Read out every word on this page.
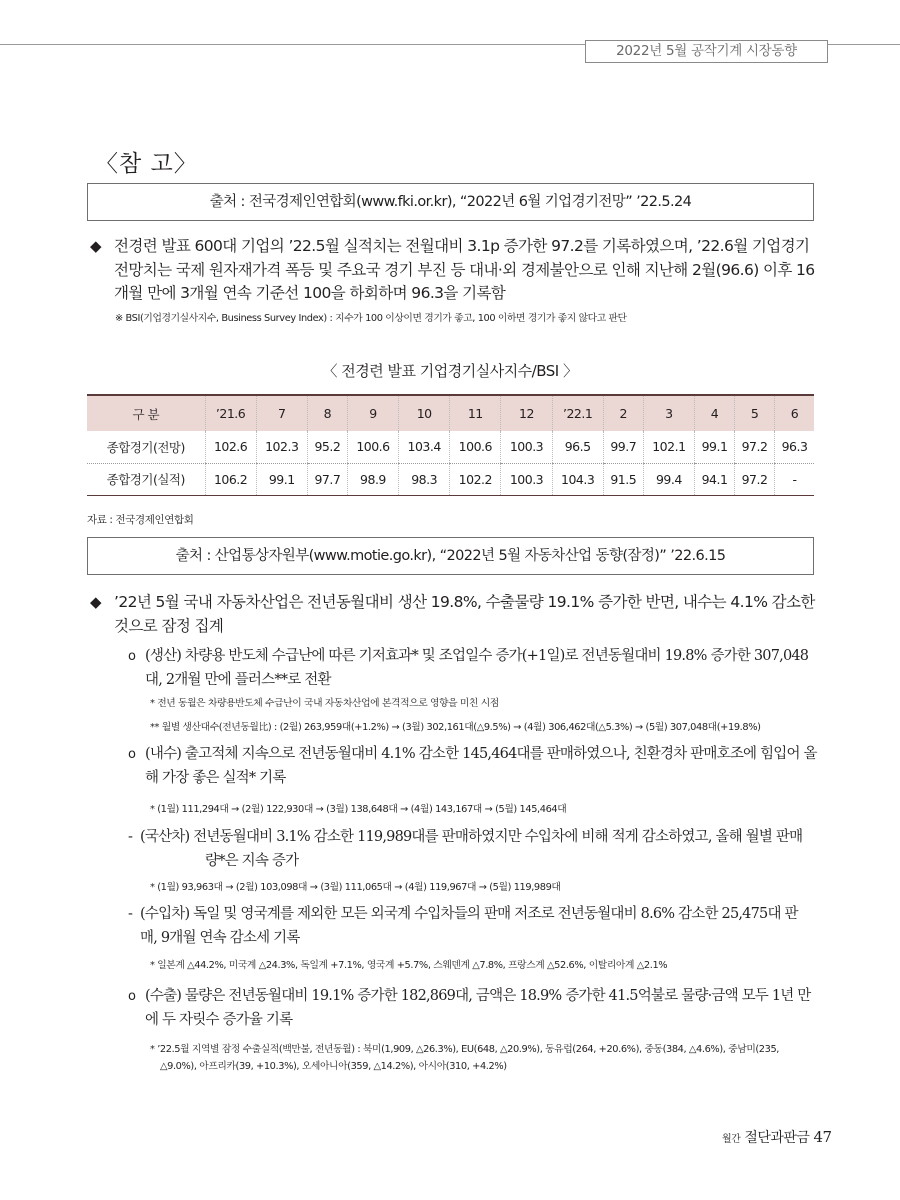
2022년 5월 공작기계 시장동향
〈참 고〉
출처 : 전국경제인연합회(www.fki.or.kr), “2022년 6월 기업경기전망” ’22.5.24
◆ 전경련 발표 600대 기업의 ’22.5월 실적치는 전월대비 3.1p 증가한 97.2를 기록하였으며, ’22.6월 기업경기전망치는 국제 원자재가격 폭등 및 주요국 경기 부진 등 대내·외 경제불안으로 인해 지난해 2월(96.6) 이후 16개월 만에 3개월 연속 기준선 100을 하회하며 96.3을 기록함
※ BSI(기업경기실사지수, Business Survey Index) : 지수가 100 이상이면 경기가 좋고, 100 이하면 경기가 좋지 않다고 판단
〈 전경련 발표 기업경기실사지수/BSI 〉
구 분	’21.6	7	8	9	10	11	12	’22.1	2	3	4	5	6
종합경기(전망)	102.6	102.3	95.2	100.6	103.4	100.6	100.3	96.5	99.7	102.1	99.1	97.2	96.3
종합경기(실적)	106.2	99.1	97.7	98.9	98.3	102.2	100.3	104.3	91.5	99.4	94.1	97.2	-
자료 : 전국경제인연합회
출처 : 산업통상자원부(www.motie.go.kr), “2022년 5월 자동차산업 동향(잠정)” ’22.6.15
◆ ’22년 5월 국내 자동차산업은 전년동월대비 생산 19.8%, 수출물량 19.1% 증가한 반면, 내수는 4.1% 감소한 것으로 잠정 집계
ο (생산) 차량용 반도체 수급난에 따른 기저효과* 및 조업일수 증가(+1일)로 전년동월대비 19.8% 증가한 307,048대, 2개월 만에 플러스**로 전환
* 전년 동월은 차량용반도체 수급난이 국내 자동차산업에 본격적으로 영향을 미친 시점
** 월별 생산대수(전년동월比) : (2월) 263,959대(+1.2%) → (3월) 302,161대(△9.5%) → (4월) 306,462대(△5.3%) → (5월) 307,048대(+19.8%)
ο (내수) 출고적체 지속으로 전년동월대비 4.1% 감소한 145,464대를 판매하였으나, 친환경차 판매호조에 힘입어 올해 가장 좋은 실적* 기록
* (1월) 111,294대 → (2월) 122,930대 → (3월) 138,648대 → (4월) 143,167대 → (5월) 145,464대
- (국산차) 전년동월대비 3.1% 감소한 119,989대를 판매하였지만 수입차에 비해 적게 감소하였고, 올해 월별 판매
량*은 지속 증가
* (1월) 93,963대 → (2월) 103,098대 → (3월) 111,065대 → (4월) 119,967대 → (5월) 119,989대
- (수입차) 독일 및 영국계를 제외한 모든 외국계 수입차들의 판매 저조로 전년동월대비 8.6% 감소한 25,475대 판매, 9개월 연속 감소세 기록
* 일본계 △44.2%, 미국계 △24.3%, 독일계 +7.1%, 영국계 +5.7%, 스웨덴계 △7.8%, 프랑스계 △52.6%, 이탈리아계 △2.1%
ο (수출) 물량은 전년동월대비 19.1% 증가한 182,869대, 금액은 18.9% 증가한 41.5억불로 물량·금액 모두 1년 만에 두 자릿수 증가율 기록
* ’22.5월 지역별 잠정 수출실적(백만불, 전년동월) : 북미(1,909, △26.3%), EU(648, △20.9%), 동유럽(264, +20.6%), 중동(384, △4.6%), 중남미(235,
△9.0%), 아프리카(39, +10.3%), 오세아니아(359, △14.2%), 아시아(310, +4.2%)
월간 절단과판금 47
